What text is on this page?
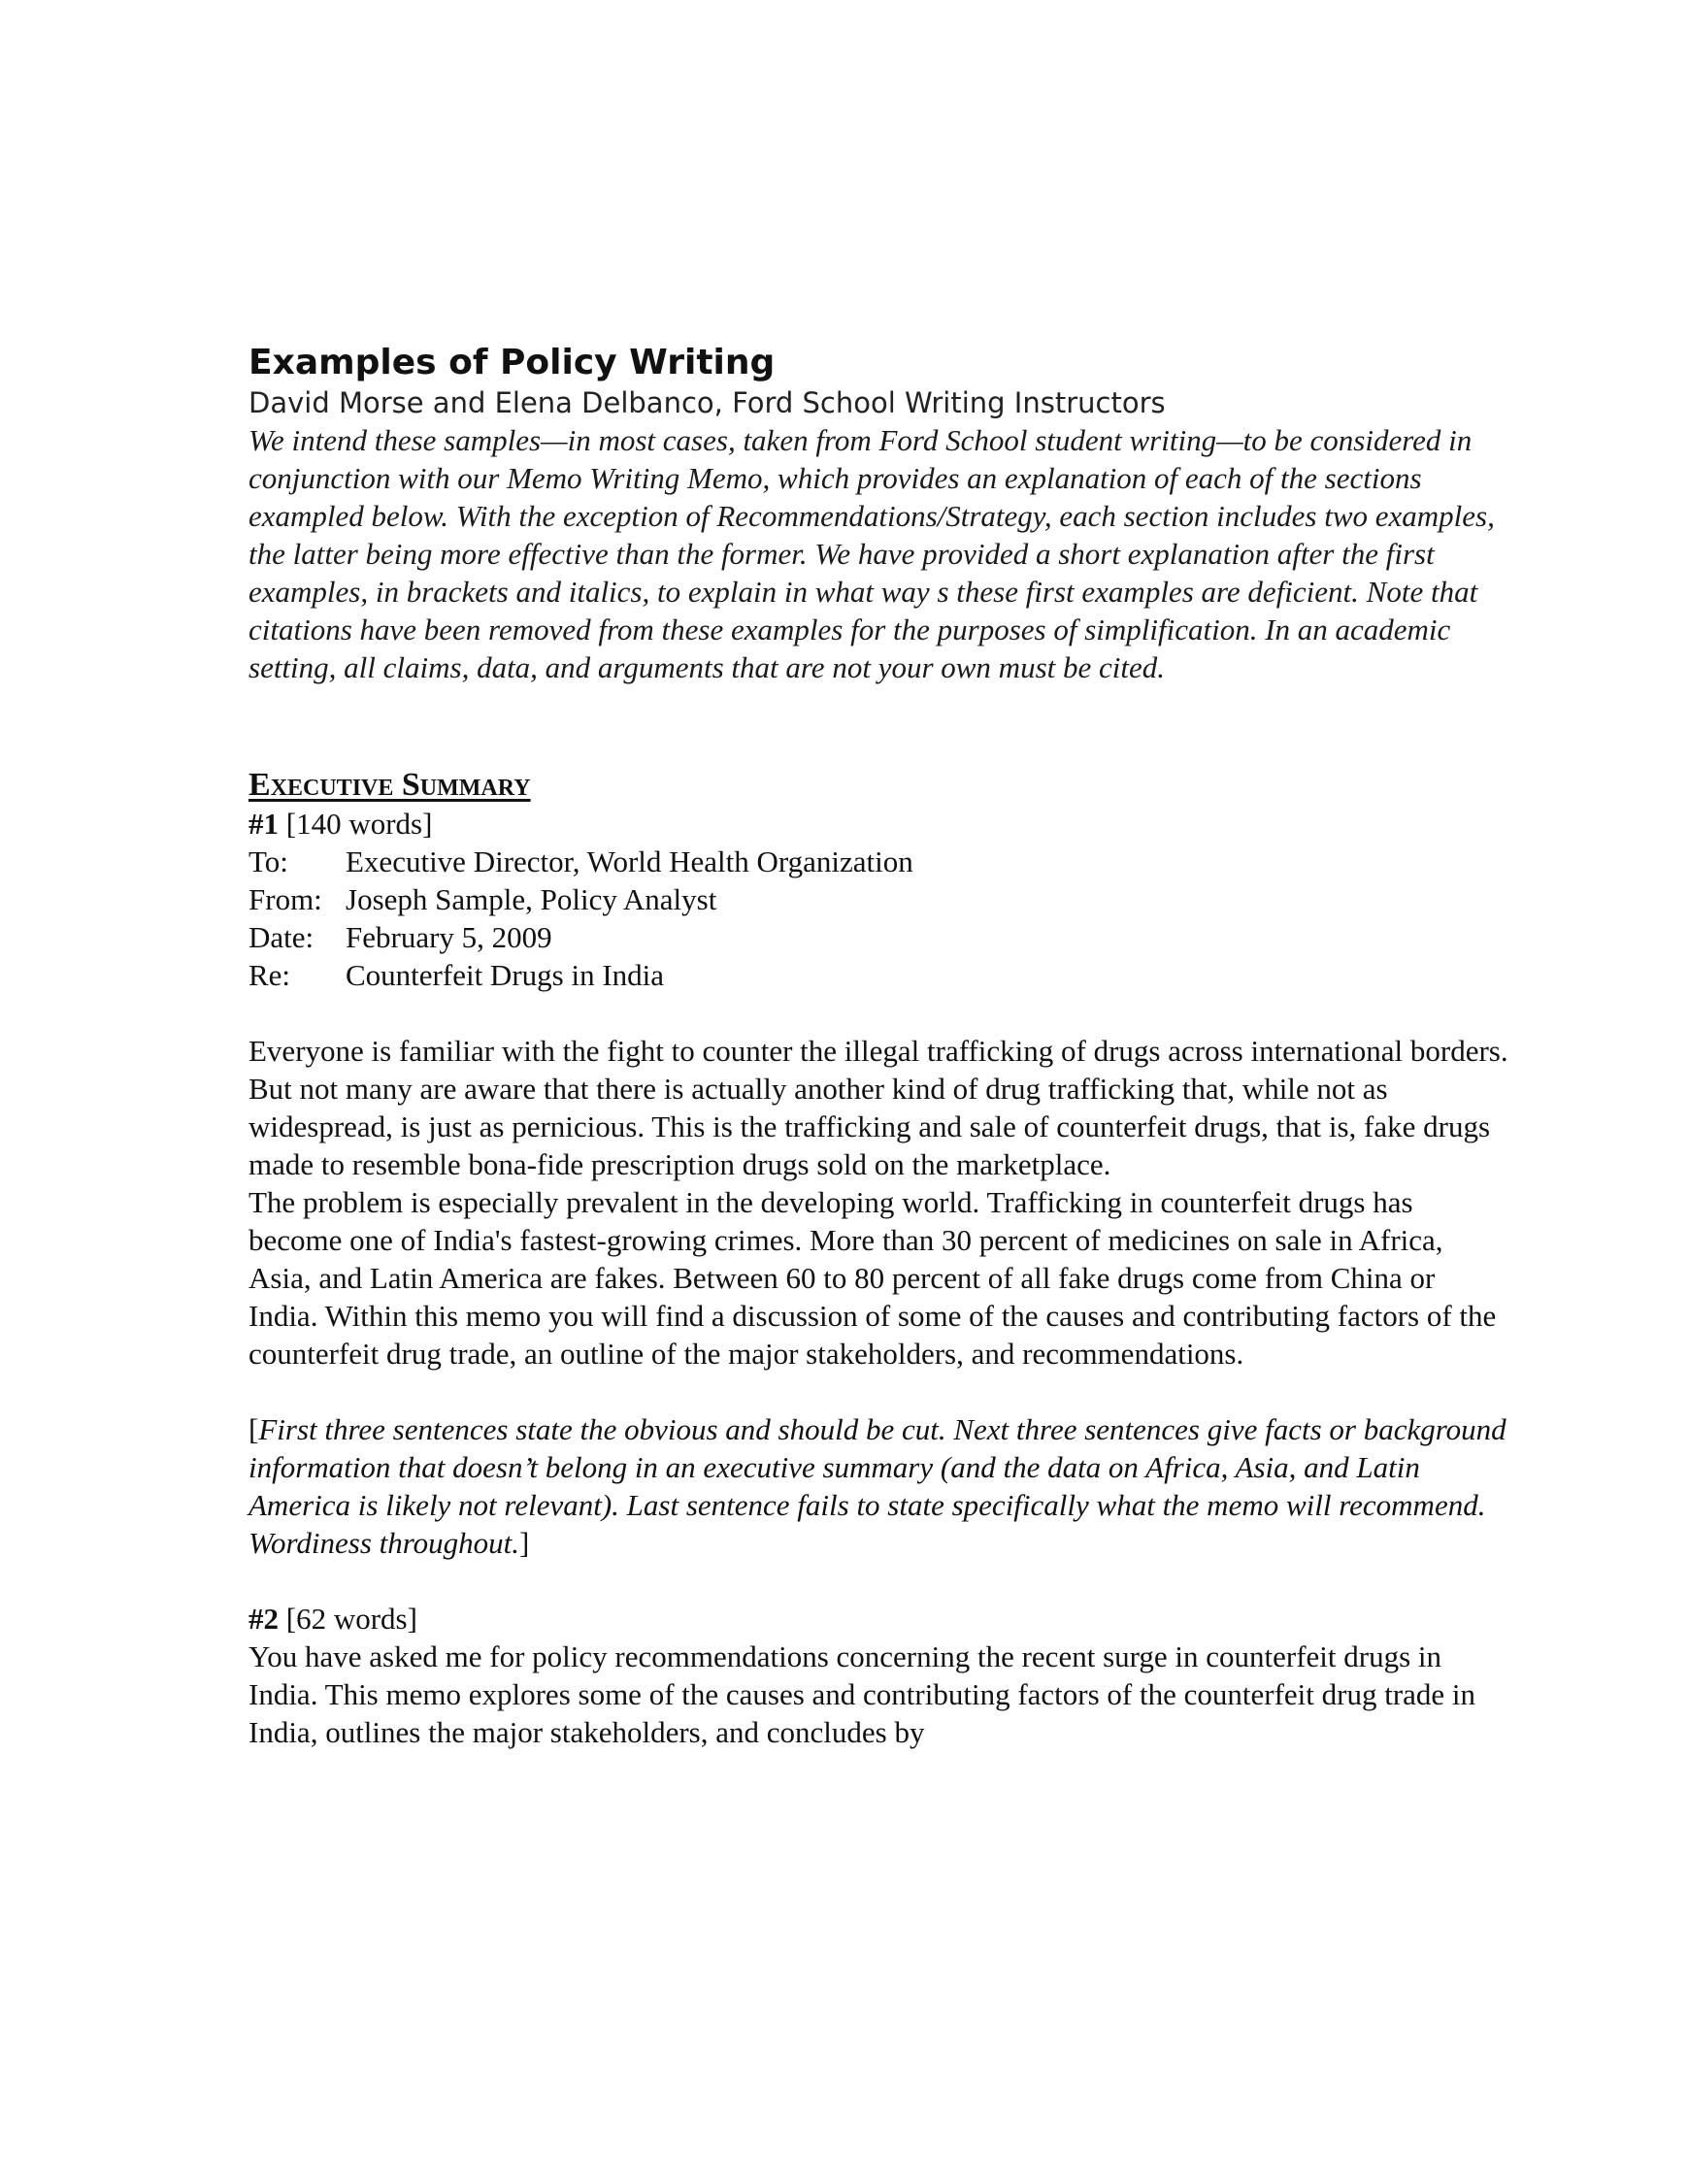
Examples of Policy Writing

David Morse and Elena Delbanco, Ford School Writing Instructors

We intend these samples—in most cases, taken from Ford School student writing—to be considered in conjunction with our Memo Writing Memo, which provides an explanation of each of the sections exampled below. With the exception of Recommendations/Strategy, each section includes two examples, the latter being more effective than the former. We have provided a short explanation after the first examples, in brackets and italics, to explain in what way s these first examples are deficient. Note that citations have been removed from these examples for the purposes of simplification. In an academic setting, all claims, data, and arguments that are not your own must be cited.

Executive Summary
#1 [140 words]
To:	Executive Director, World Health Organization
From:	Joseph Sample, Policy Analyst
Date:	February 5, 2009
Re:	Counterfeit Drugs in India

Everyone is familiar with the fight to counter the illegal trafficking of drugs across international borders. But not many are aware that there is actually another kind of drug trafficking that, while not as widespread, is just as pernicious. This is the trafficking and sale of counterfeit drugs, that is, fake drugs made to resemble bona-fide prescription drugs sold on the marketplace.

The problem is especially prevalent in the developing world. Trafficking in counterfeit drugs has become one of India's fastest-growing crimes. More than 30 percent of medicines on sale in Africa, Asia, and Latin America are fakes. Between 60 to 80 percent of all fake drugs come from China or India. Within this memo you will find a discussion of some of the causes and contributing factors of the counterfeit drug trade, an outline of the major stakeholders, and recommendations.

[First three sentences state the obvious and should be cut. Next three sentences give facts or background information that doesn’t belong in an executive summary (and the data on Africa, Asia, and Latin America is likely not relevant). Last sentence fails to state specifically what the memo will recommend. Wordiness throughout.]

#2 [62 words]

You have asked me for policy recommendations concerning the recent surge in counterfeit drugs in India. This memo explores some of the causes and contributing factors of the counterfeit drug trade in India, outlines the major stakeholders, and concludes by
